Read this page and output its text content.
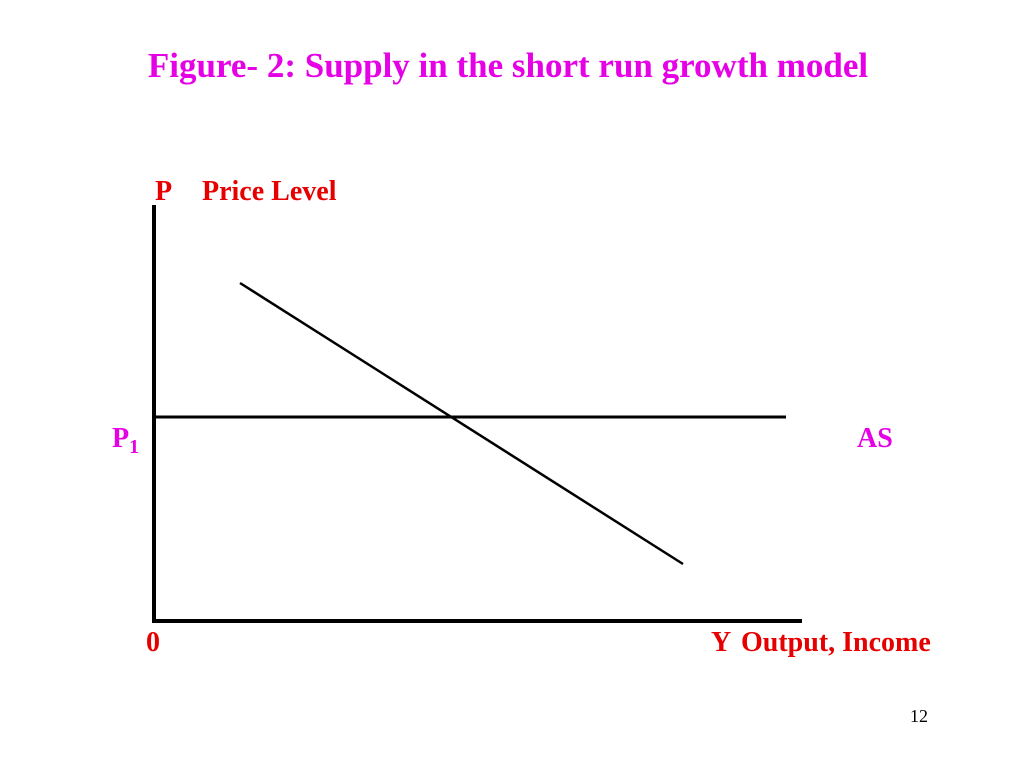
Figure- 2: Supply in the short run growth model
P Price Level
$P_1$	AS
0	Y Output, Income
12
